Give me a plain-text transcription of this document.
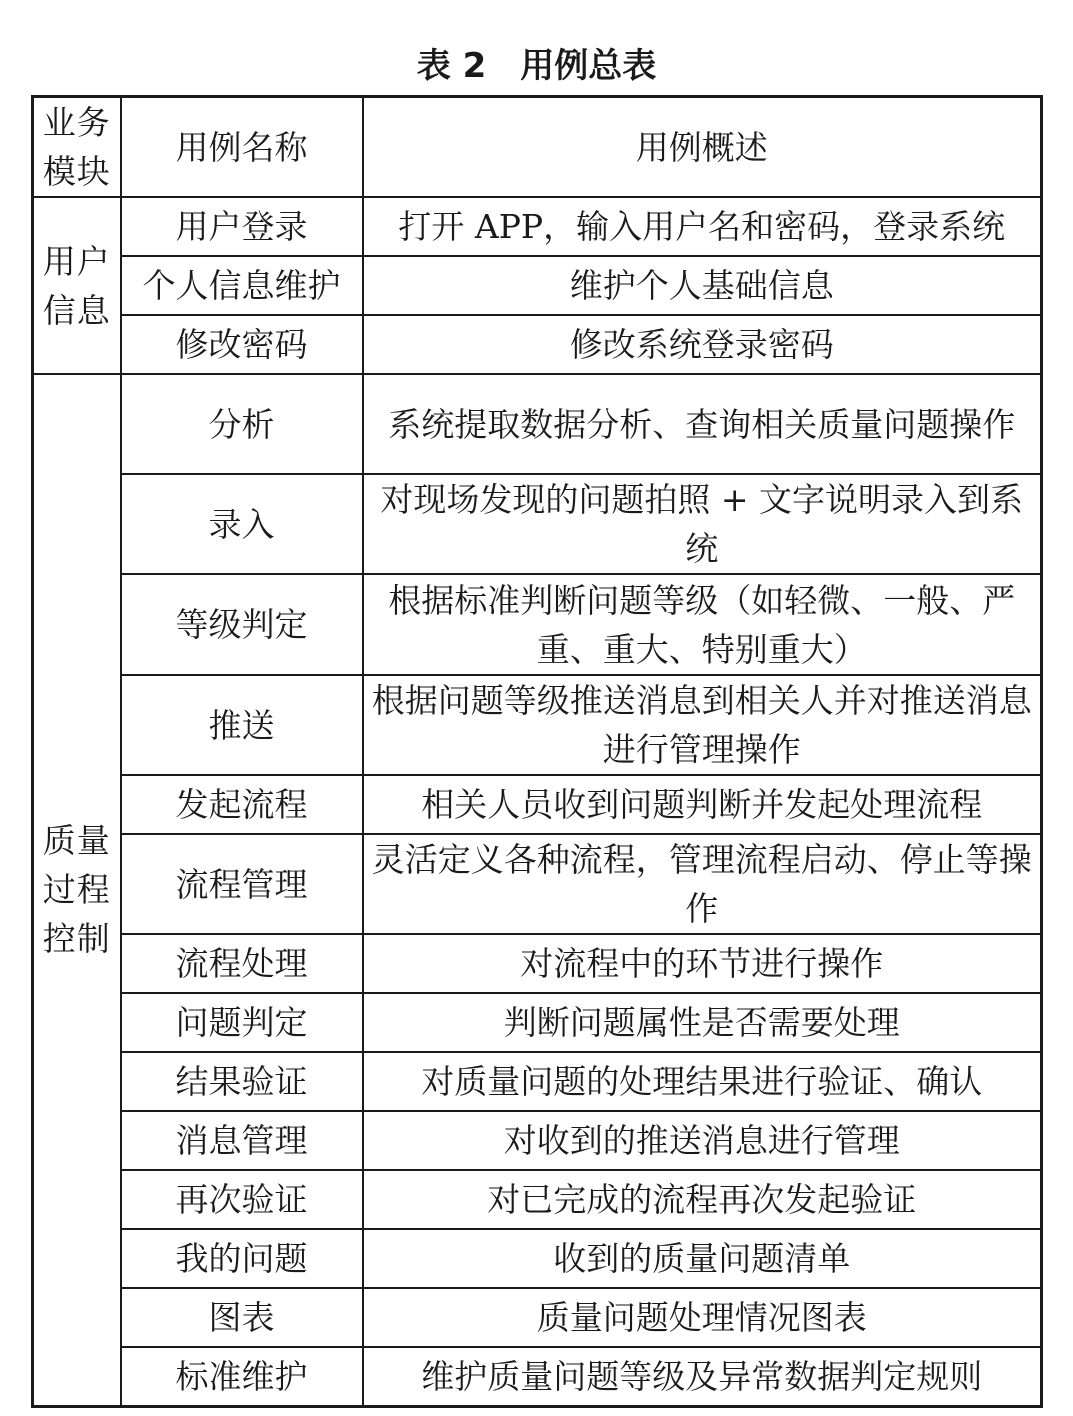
表 2　用例总表
业务模块	用例名称	用例概述
用户信息	用户登录	打开 APP，输入用户名和密码，登录系统
	个人信息维护	维护个人基础信息
	修改密码	修改系统登录密码
质量过程控制	分析	系统提取数据分析、查询相关质量问题操作
	录入	对现场发现的问题拍照 + 文字说明录入到系统
	等级判定	根据标准判断问题等级（如轻微、一般、严重、重大、特别重大）
	推送	根据问题等级推送消息到相关人并对推送消息进行管理操作
	发起流程	相关人员收到问题判断并发起处理流程
	流程管理	灵活定义各种流程，管理流程启动、停止等操作
	流程处理	对流程中的环节进行操作
	问题判定	判断问题属性是否需要处理
	结果验证	对质量问题的处理结果进行验证、确认
	消息管理	对收到的推送消息进行管理
	再次验证	对已完成的流程再次发起验证
	我的问题	收到的质量问题清单
	图表	质量问题处理情况图表
	标准维护	维护质量问题等级及异常数据判定规则
